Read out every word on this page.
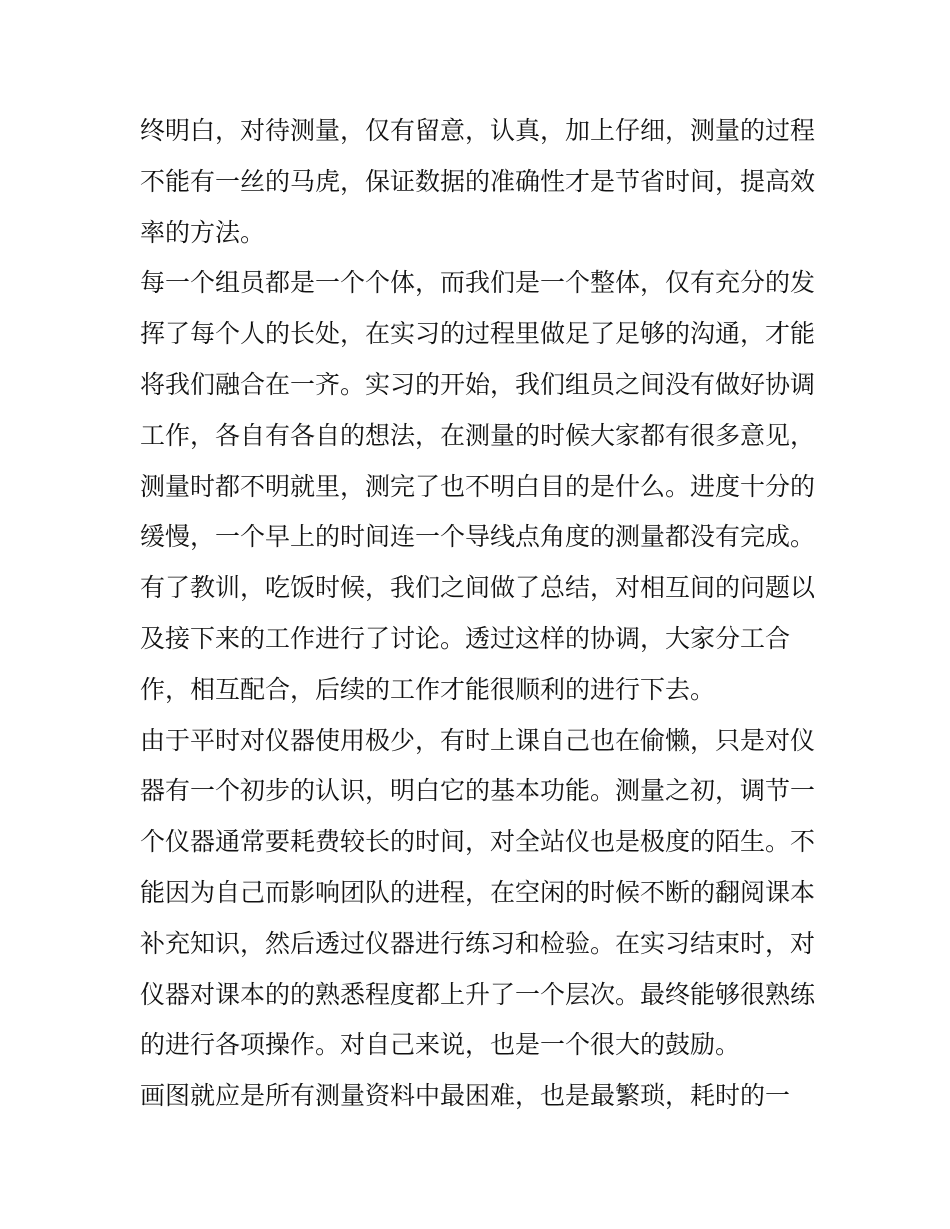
终明白，对待测量，仅有留意，认真，加上仔细，测量的过程
不能有一丝的马虎，保证数据的准确性才是节省时间，提高效
率的方法。
每一个组员都是一个个体，而我们是一个整体，仅有充分的发
挥了每个人的长处，在实习的过程里做足了足够的沟通，才能
将我们融合在一齐。实习的开始，我们组员之间没有做好协调
工作，各自有各自的想法，在测量的时候大家都有很多意见，
测量时都不明就里，测完了也不明白目的是什么。进度十分的
缓慢，一个早上的时间连一个导线点角度的测量都没有完成。
有了教训，吃饭时候，我们之间做了总结，对相互间的问题以
及接下来的工作进行了讨论。透过这样的协调，大家分工合
作，相互配合，后续的工作才能很顺利的进行下去。
由于平时对仪器使用极少，有时上课自己也在偷懒，只是对仪
器有一个初步的认识，明白它的基本功能。测量之初，调节一
个仪器通常要耗费较长的时间，对全站仪也是极度的陌生。不
能因为自己而影响团队的进程，在空闲的时候不断的翻阅课本
补充知识，然后透过仪器进行练习和检验。在实习结束时，对
仪器对课本的的熟悉程度都上升了一个层次。最终能够很熟练
的进行各项操作。对自己来说，也是一个很大的鼓励。
画图就应是所有测量资料中最困难，也是最繁琐，耗时的一
